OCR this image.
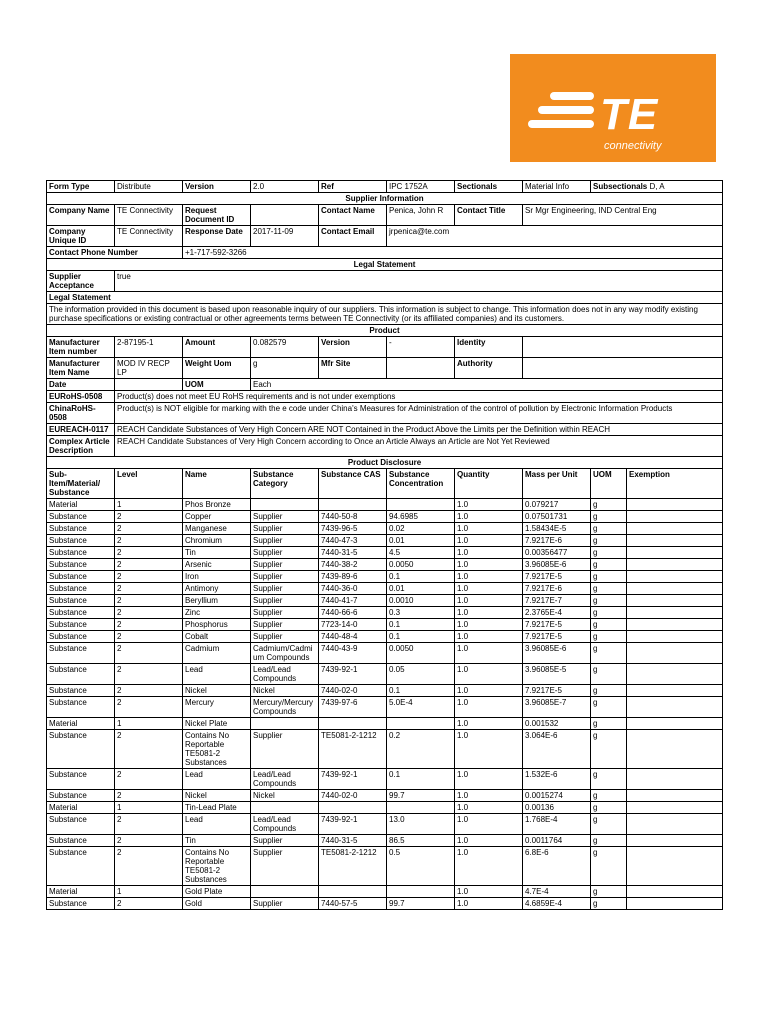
TE
connectivity
Form Type	Distribute	Version	2.0	Ref	IPC 1752A	Sectionals	Material Info	Subsectionals D, A	
Supplier Information									
Company Name	TE Connectivity	Request Document ID		Contact Name	Penica, John R	Contact Title	Sr Mgr Engineering, IND Central Eng		
Company Unique ID	TE Connectivity	Response Date	2017-11-09	Contact Email	jrpenica@te.com				
Contact Phone Number		+1-717-592-3266							
Legal Statement									
Supplier Acceptance	true								
Legal Statement									
The information provided in this document is based upon reasonable inquiry of our suppliers. This information is subject to change. This information does not in any way modify existing purchase specifications or existing contractual or other agreements terms between TE Connectivity (or its affiliated companies) and its customers.									
Product									
Manufacturer Item number	2-87195-1	Amount	0.082579	Version	-	Identity			
Manufacturer Item Name	MOD IV RECP LP	Weight Uom	g	Mfr Site		Authority			
Date		UOM	Each						
EURoHS-0508	Product(s) does not meet EU RoHS requirements and is not under exemptions								
ChinaRoHS-0508	Product(s) is NOT eligible for marking with the e code under China's Measures for Administration of the control of pollution by Electronic Information Products								
EUREACH-0117	REACH Candidate Substances of Very High Concern ARE NOT Contained in the Product Above the Limits per the Definition within REACH								
Complex Article Description	REACH Candidate Substances of Very High Concern according to Once an Article Always an Article are Not Yet Reviewed								
Product Disclosure									
Sub-Item/Material/ Substance	Level	Name	Substance Category	Substance CAS	Substance Concentration	Quantity	Mass per Unit	UOM	Exemption
Material	1	Phos Bronze				1.0	0.079217	g	
Substance	2	Copper	Supplier	7440-50-8	94.6985	1.0	0.07501731	g	
Substance	2	Manganese	Supplier	7439-96-5	0.02	1.0	1.58434E-5	g	
Substance	2	Chromium	Supplier	7440-47-3	0.01	1.0	7.9217E-6	g	
Substance	2	Tin	Supplier	7440-31-5	4.5	1.0	0.00356477	g	
Substance	2	Arsenic	Supplier	7440-38-2	0.0050	1.0	3.96085E-6	g	
Substance	2	Iron	Supplier	7439-89-6	0.1	1.0	7.9217E-5	g	
Substance	2	Antimony	Supplier	7440-36-0	0.01	1.0	7.9217E-6	g	
Substance	2	Beryllium	Supplier	7440-41-7	0.0010	1.0	7.9217E-7	g	
Substance	2	Zinc	Supplier	7440-66-6	0.3	1.0	2.3765E-4	g	
Substance	2	Phosphorus	Supplier	7723-14-0	0.1	1.0	7.9217E-5	g	
Substance	2	Cobalt	Supplier	7440-48-4	0.1	1.0	7.9217E-5	g	
Substance	2	Cadmium	Cadmium/Cadmium Compounds	7440-43-9	0.0050	1.0	3.96085E-6	g	
Substance	2	Lead	Lead/Lead Compounds	7439-92-1	0.05	1.0	3.96085E-5	g	
Substance	2	Nickel	Nickel	7440-02-0	0.1	1.0	7.9217E-5	g	
Substance	2	Mercury	Mercury/Mercury Compounds	7439-97-6	5.0E-4	1.0	3.96085E-7	g	
Material	1	Nickel Plate				1.0	0.001532	g	
Substance	2	Contains No Reportable TE5081-2 Substances	Supplier	TE5081-2-1212	0.2	1.0	3.064E-6	g	
Substance	2	Lead	Lead/Lead Compounds	7439-92-1	0.1	1.0	1.532E-6	g	
Substance	2	Nickel	Nickel	7440-02-0	99.7	1.0	0.0015274	g	
Material	1	Tin-Lead Plate				1.0	0.00136	g	
Substance	2	Lead	Lead/Lead Compounds	7439-92-1	13.0	1.0	1.768E-4	g	
Substance	2	Tin	Supplier	7440-31-5	86.5	1.0	0.0011764	g	
Substance	2	Contains No Reportable TE5081-2 Substances	Supplier	TE5081-2-1212	0.5	1.0	6.8E-6	g	
Material	1	Gold Plate				1.0	4.7E-4	g	
Substance	2	Gold	Supplier	7440-57-5	99.7	1.0	4.6859E-4	g	
